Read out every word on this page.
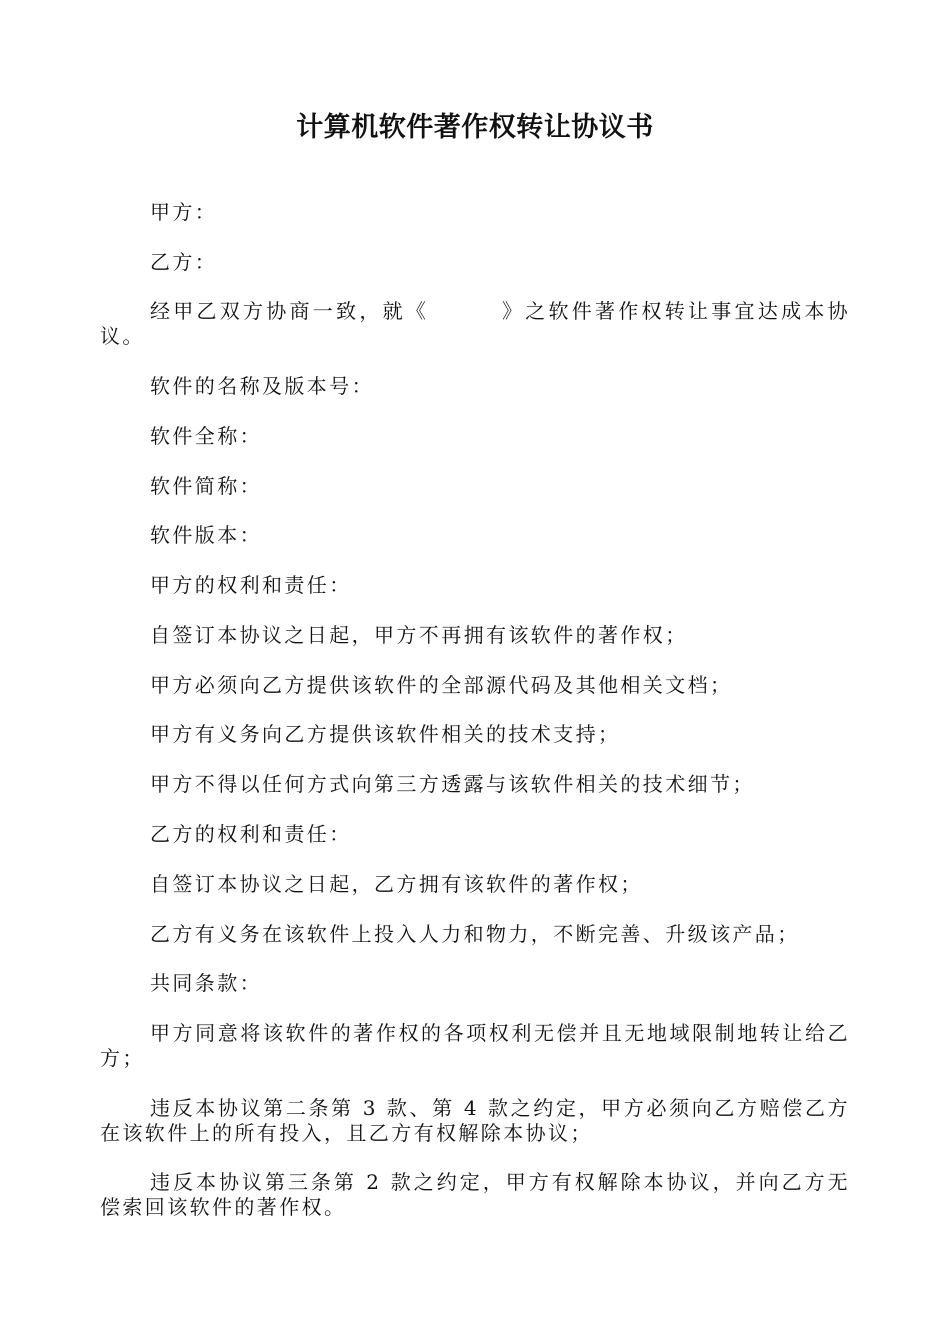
计算机软件著作权转让协议书

甲方：

乙方：

经甲乙双方协商一致，就《	》之软件著作权转让事宜达成本协议。

软件的名称及版本号：

软件全称：

软件简称：

软件版本：

甲方的权利和责任：

自签订本协议之日起，甲方不再拥有该软件的著作权；

甲方必须向乙方提供该软件的全部源代码及其他相关文档；

甲方有义务向乙方提供该软件相关的技术支持；

甲方不得以任何方式向第三方透露与该软件相关的技术细节；

乙方的权利和责任：

自签订本协议之日起，乙方拥有该软件的著作权；

乙方有义务在该软件上投入人力和物力，不断完善、升级该产品；

共同条款：

甲方同意将该软件的著作权的各项权利无偿并且无地域限制地转让给乙方；

违反本协议第二条第 3 款、第 4 款之约定，甲方必须向乙方赔偿乙方在该软件上的所有投入，且乙方有权解除本协议；

违反本协议第三条第 2 款之约定，甲方有权解除本协议，并向乙方无偿索回该软件的著作权。
